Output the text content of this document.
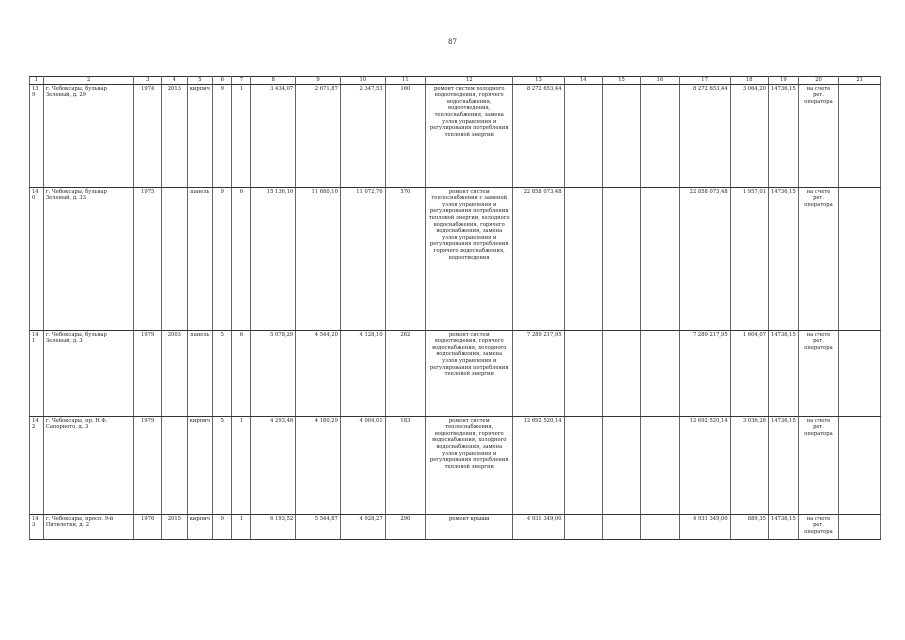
87
1	2	3	4	5	6	7	8	9	10	11	12	13	14	15	16	17	18	19	20	21
139	г. Чебоксары, бульвар Зеленый, д. 29	1974	2013	кирпич	9	1	3 434,07	2 671,87	2 347,53	160	ремонт систем холодного водоотведения, горячего водоснабжения, водоотведения, теплоснабжения, замена узлов управления и регулирования потребления тепловой энергии	8 272 653,44				8 272 653,44	3 064,20	14736,15	на счете рег. оператора	
140	г. Чебоксары, бульвар Зеленый, д. 33	1975		панель	9	6	15 136,10	11 680,10	11 072,76	570	ремонт систем теплоснабжения с заменой узлов управления и регулирования потребления тепловой энергии, холодного водоснабжения, горячего водоснабжения, замена узлов управления и регулирования потребления горячего водоснабжения, водоотведения	22 858 073,48				22 858 073,48	1 957,01	14736,15	на счете рег. оператора	
141	г. Чебоксары, бульвар Зеленый, д. 3	1979	2003	панель	5	6	5 078,29	4 544,20	4 128,10	262	ремонт систем водоотведения, горячего водоснабжения, холодного водоснабжения, замена узлов управления и регулирования потребления тепловой энергии	7 289 217,95				7 289 217,95	1 604,07	14736,15	на счете рег. оператора	
142	г. Чебоксары, пр. Н.Ф. Сапорного, д. 3	1979		кирпич	5	1	4 293,48	4 180,29	4 004,01	183	ремонт систем теплоснабжения, водоотведения, горячего водоснабжения, холодного водоснабжения, замена узлов управления и регулирования потребления тепловой энергии	12 692 520,14				12 692 520,14	3 036,28	14736,15	на счете рег. оператора	
143	г. Чебоксары, просп. 9-й Пятилетки, д. 2	1976	2015	кирпич	9	1	6 193,52	5 544,87	4 928,27	290	ремонт крыши	4 931 349,00				4 931 349,00	889,35	14736,15	на счете рег. оператора	
